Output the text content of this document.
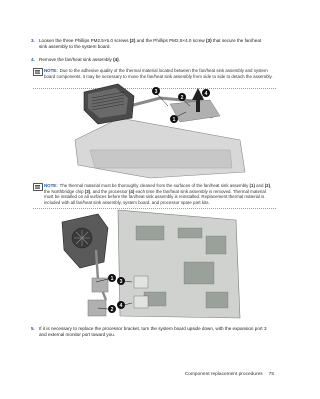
3. Loosen the three Phillips PM2.5×5.0 screws (2) and the Phillips PM2.5×4.0 screw (3) that secure the fan/heat sink assembly to the system board.
4. Remove the fan/heat sink assembly (4).
NOTE: Due to the adhesive quality of the thermal material located between the fan/heat sink assembly and system board components, it may be necessary to move the fan/heat sink assembly from side to side to detach the assembly.
3
2
1
4
NOTE: The thermal material must be thoroughly cleaned from the surfaces of the fan/heat sink assembly (1) and (2), the Northbridge chip (3), and the processor (4) each time the fan/heat sink assembly is removed. Thermal material must be installed on all surfaces before the fan/heat sink assembly is reinstalled. Replacement thermal material is included with all fan/heat sink assembly, system board, and processor spare part kits.
1 3
2
4
5. If it is necessary to replace the processor bracket, turn the system board upside down, with the expansion port 3 and external monitor port toward you.
Component replacement procedures 75
